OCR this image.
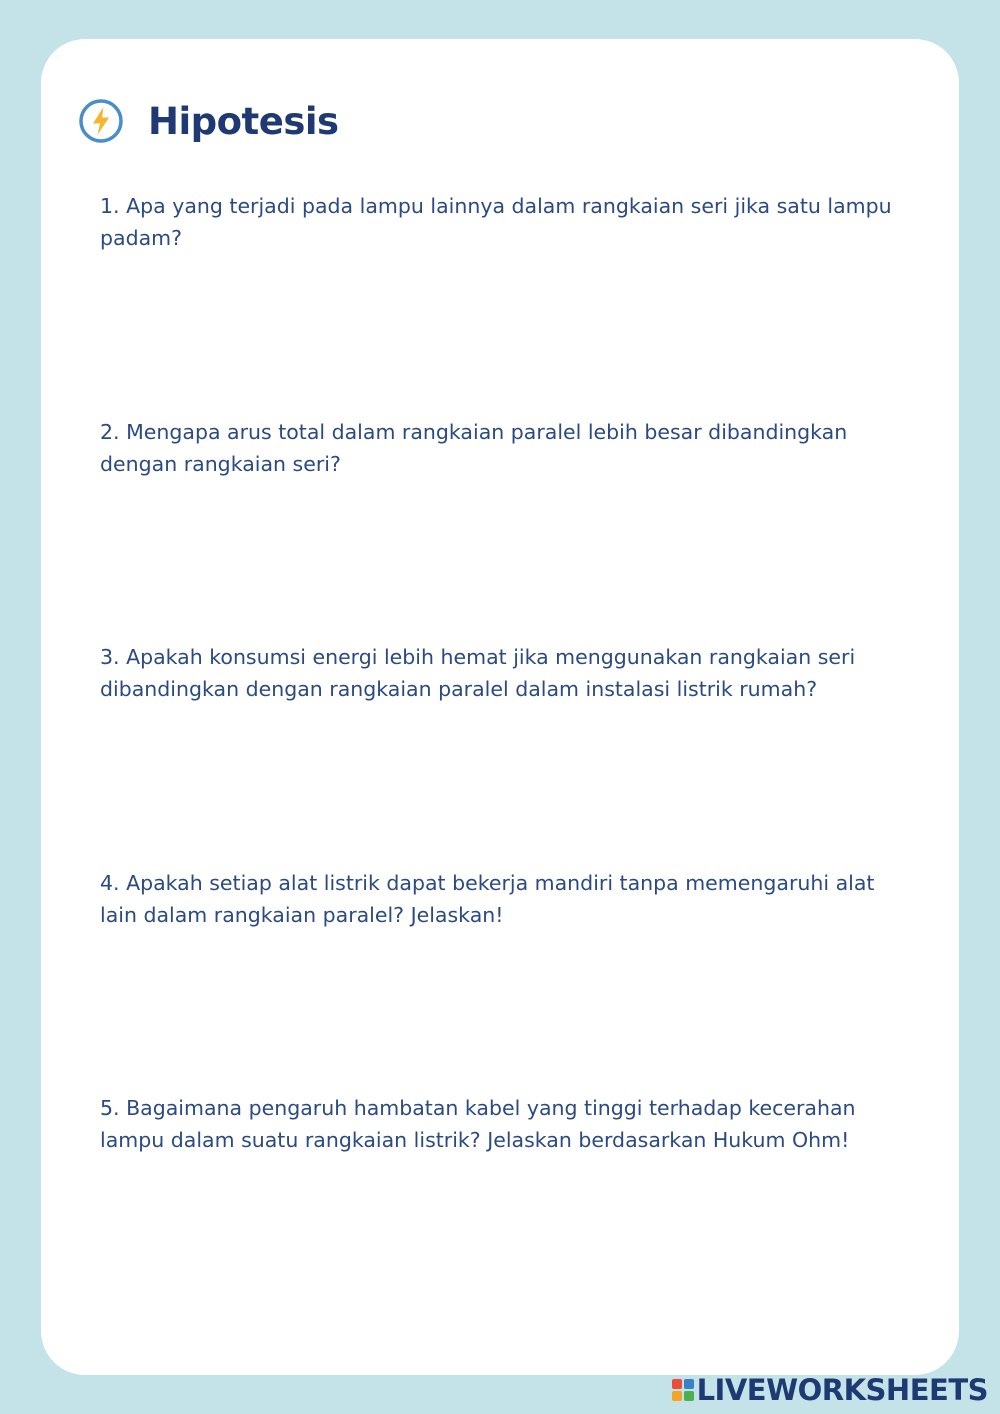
Hipotesis

1. Apa yang terjadi pada lampu lainnya dalam rangkaian seri jika satu lampu padam?

2. Mengapa arus total dalam rangkaian paralel lebih besar dibandingkan dengan rangkaian seri?

3. Apakah konsumsi energi lebih hemat jika menggunakan rangkaian seri dibandingkan dengan rangkaian paralel dalam instalasi listrik rumah?

4. Apakah setiap alat listrik dapat bekerja mandiri tanpa memengaruhi alat lain dalam rangkaian paralel? Jelaskan!

5. Bagaimana pengaruh hambatan kabel yang tinggi terhadap kecerahan lampu dalam suatu rangkaian listrik? Jelaskan berdasarkan Hukum Ohm!

LIVEWORKSHEETS
